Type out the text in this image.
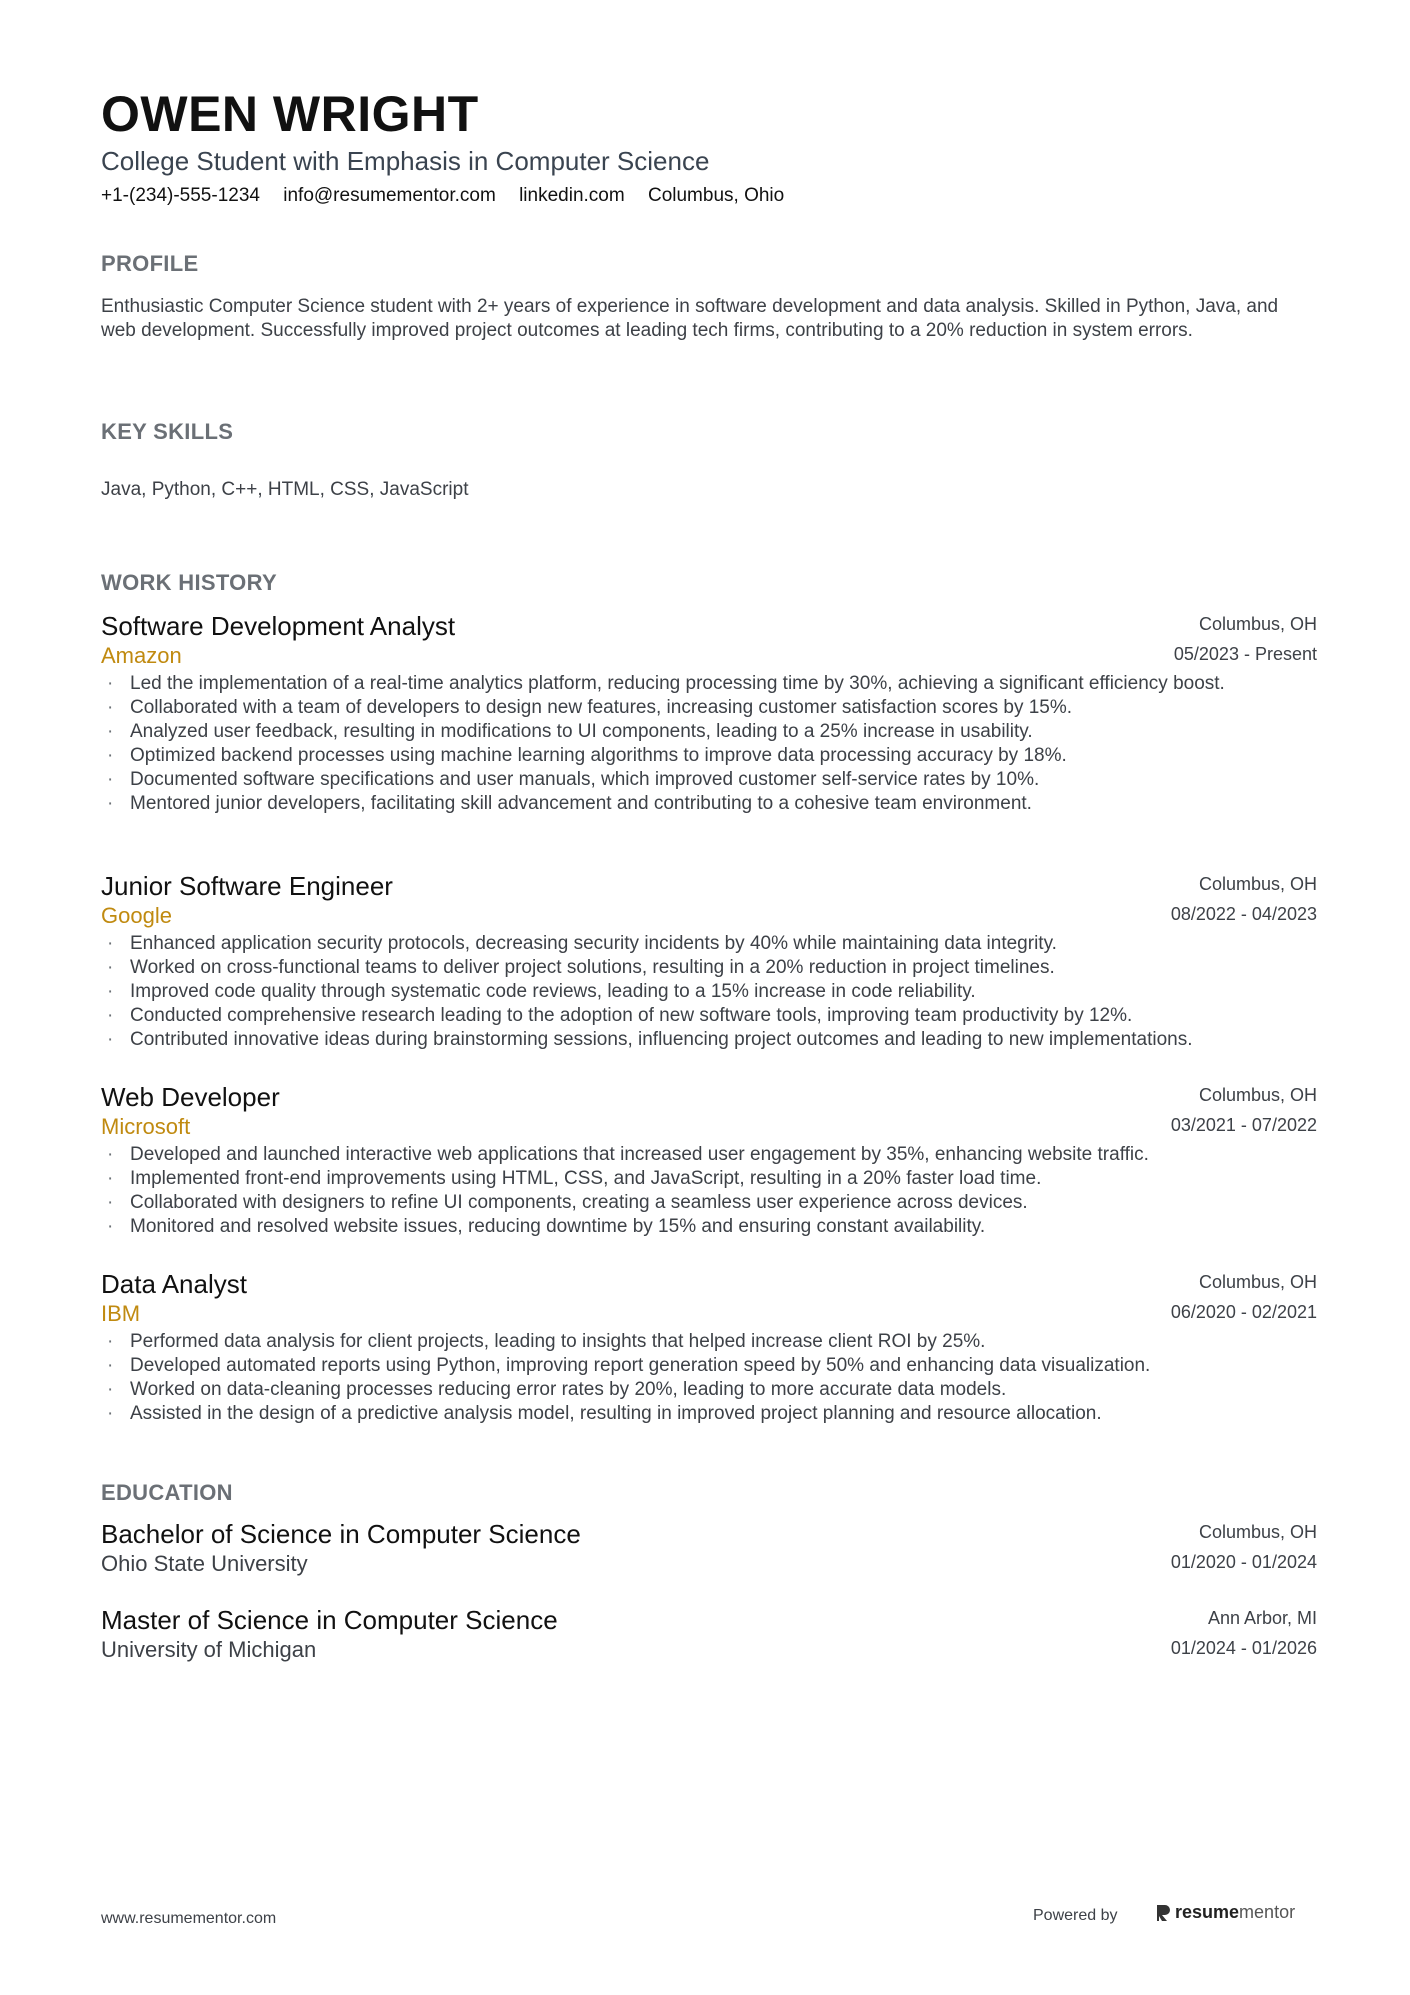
OWEN WRIGHT
College Student with Emphasis in Computer Science
+1-(234)-555-1234 info@resumementor.com linkedin.com Columbus, Ohio
PROFILE
Enthusiastic Computer Science student with 2+ years of experience in software development and data analysis. Skilled in Python, Java, and web development. Successfully improved project outcomes at leading tech firms, contributing to a 20% reduction in system errors.
KEY SKILLS
Java, Python, C++, HTML, CSS, JavaScript
WORK HISTORY
Software Development Analyst
Amazon
Columbus, OH
05/2023 - Present
· Led the implementation of a real-time analytics platform, reducing processing time by 30%, achieving a significant efficiency boost.
· Collaborated with a team of developers to design new features, increasing customer satisfaction scores by 15%.
· Analyzed user feedback, resulting in modifications to UI components, leading to a 25% increase in usability.
· Optimized backend processes using machine learning algorithms to improve data processing accuracy by 18%.
· Documented software specifications and user manuals, which improved customer self-service rates by 10%.
· Mentored junior developers, facilitating skill advancement and contributing to a cohesive team environment.
Junior Software Engineer
Google
Columbus, OH
08/2022 - 04/2023
· Enhanced application security protocols, decreasing security incidents by 40% while maintaining data integrity.
· Worked on cross-functional teams to deliver project solutions, resulting in a 20% reduction in project timelines.
· Improved code quality through systematic code reviews, leading to a 15% increase in code reliability.
· Conducted comprehensive research leading to the adoption of new software tools, improving team productivity by 12%.
· Contributed innovative ideas during brainstorming sessions, influencing project outcomes and leading to new implementations.
Web Developer
Microsoft
Columbus, OH
03/2021 - 07/2022
· Developed and launched interactive web applications that increased user engagement by 35%, enhancing website traffic.
· Implemented front-end improvements using HTML, CSS, and JavaScript, resulting in a 20% faster load time.
· Collaborated with designers to refine UI components, creating a seamless user experience across devices.
· Monitored and resolved website issues, reducing downtime by 15% and ensuring constant availability.
Data Analyst
IBM
Columbus, OH
06/2020 - 02/2021
· Performed data analysis for client projects, leading to insights that helped increase client ROI by 25%.
· Developed automated reports using Python, improving report generation speed by 50% and enhancing data visualization.
· Worked on data-cleaning processes reducing error rates by 20%, leading to more accurate data models.
· Assisted in the design of a predictive analysis model, resulting in improved project planning and resource allocation.
EDUCATION
Bachelor of Science in Computer Science
Ohio State University
Columbus, OH
01/2020 - 01/2024
Master of Science in Computer Science
University of Michigan
Ann Arbor, MI
01/2024 - 01/2026
www.resumementor.com	Powered by	resumementor
